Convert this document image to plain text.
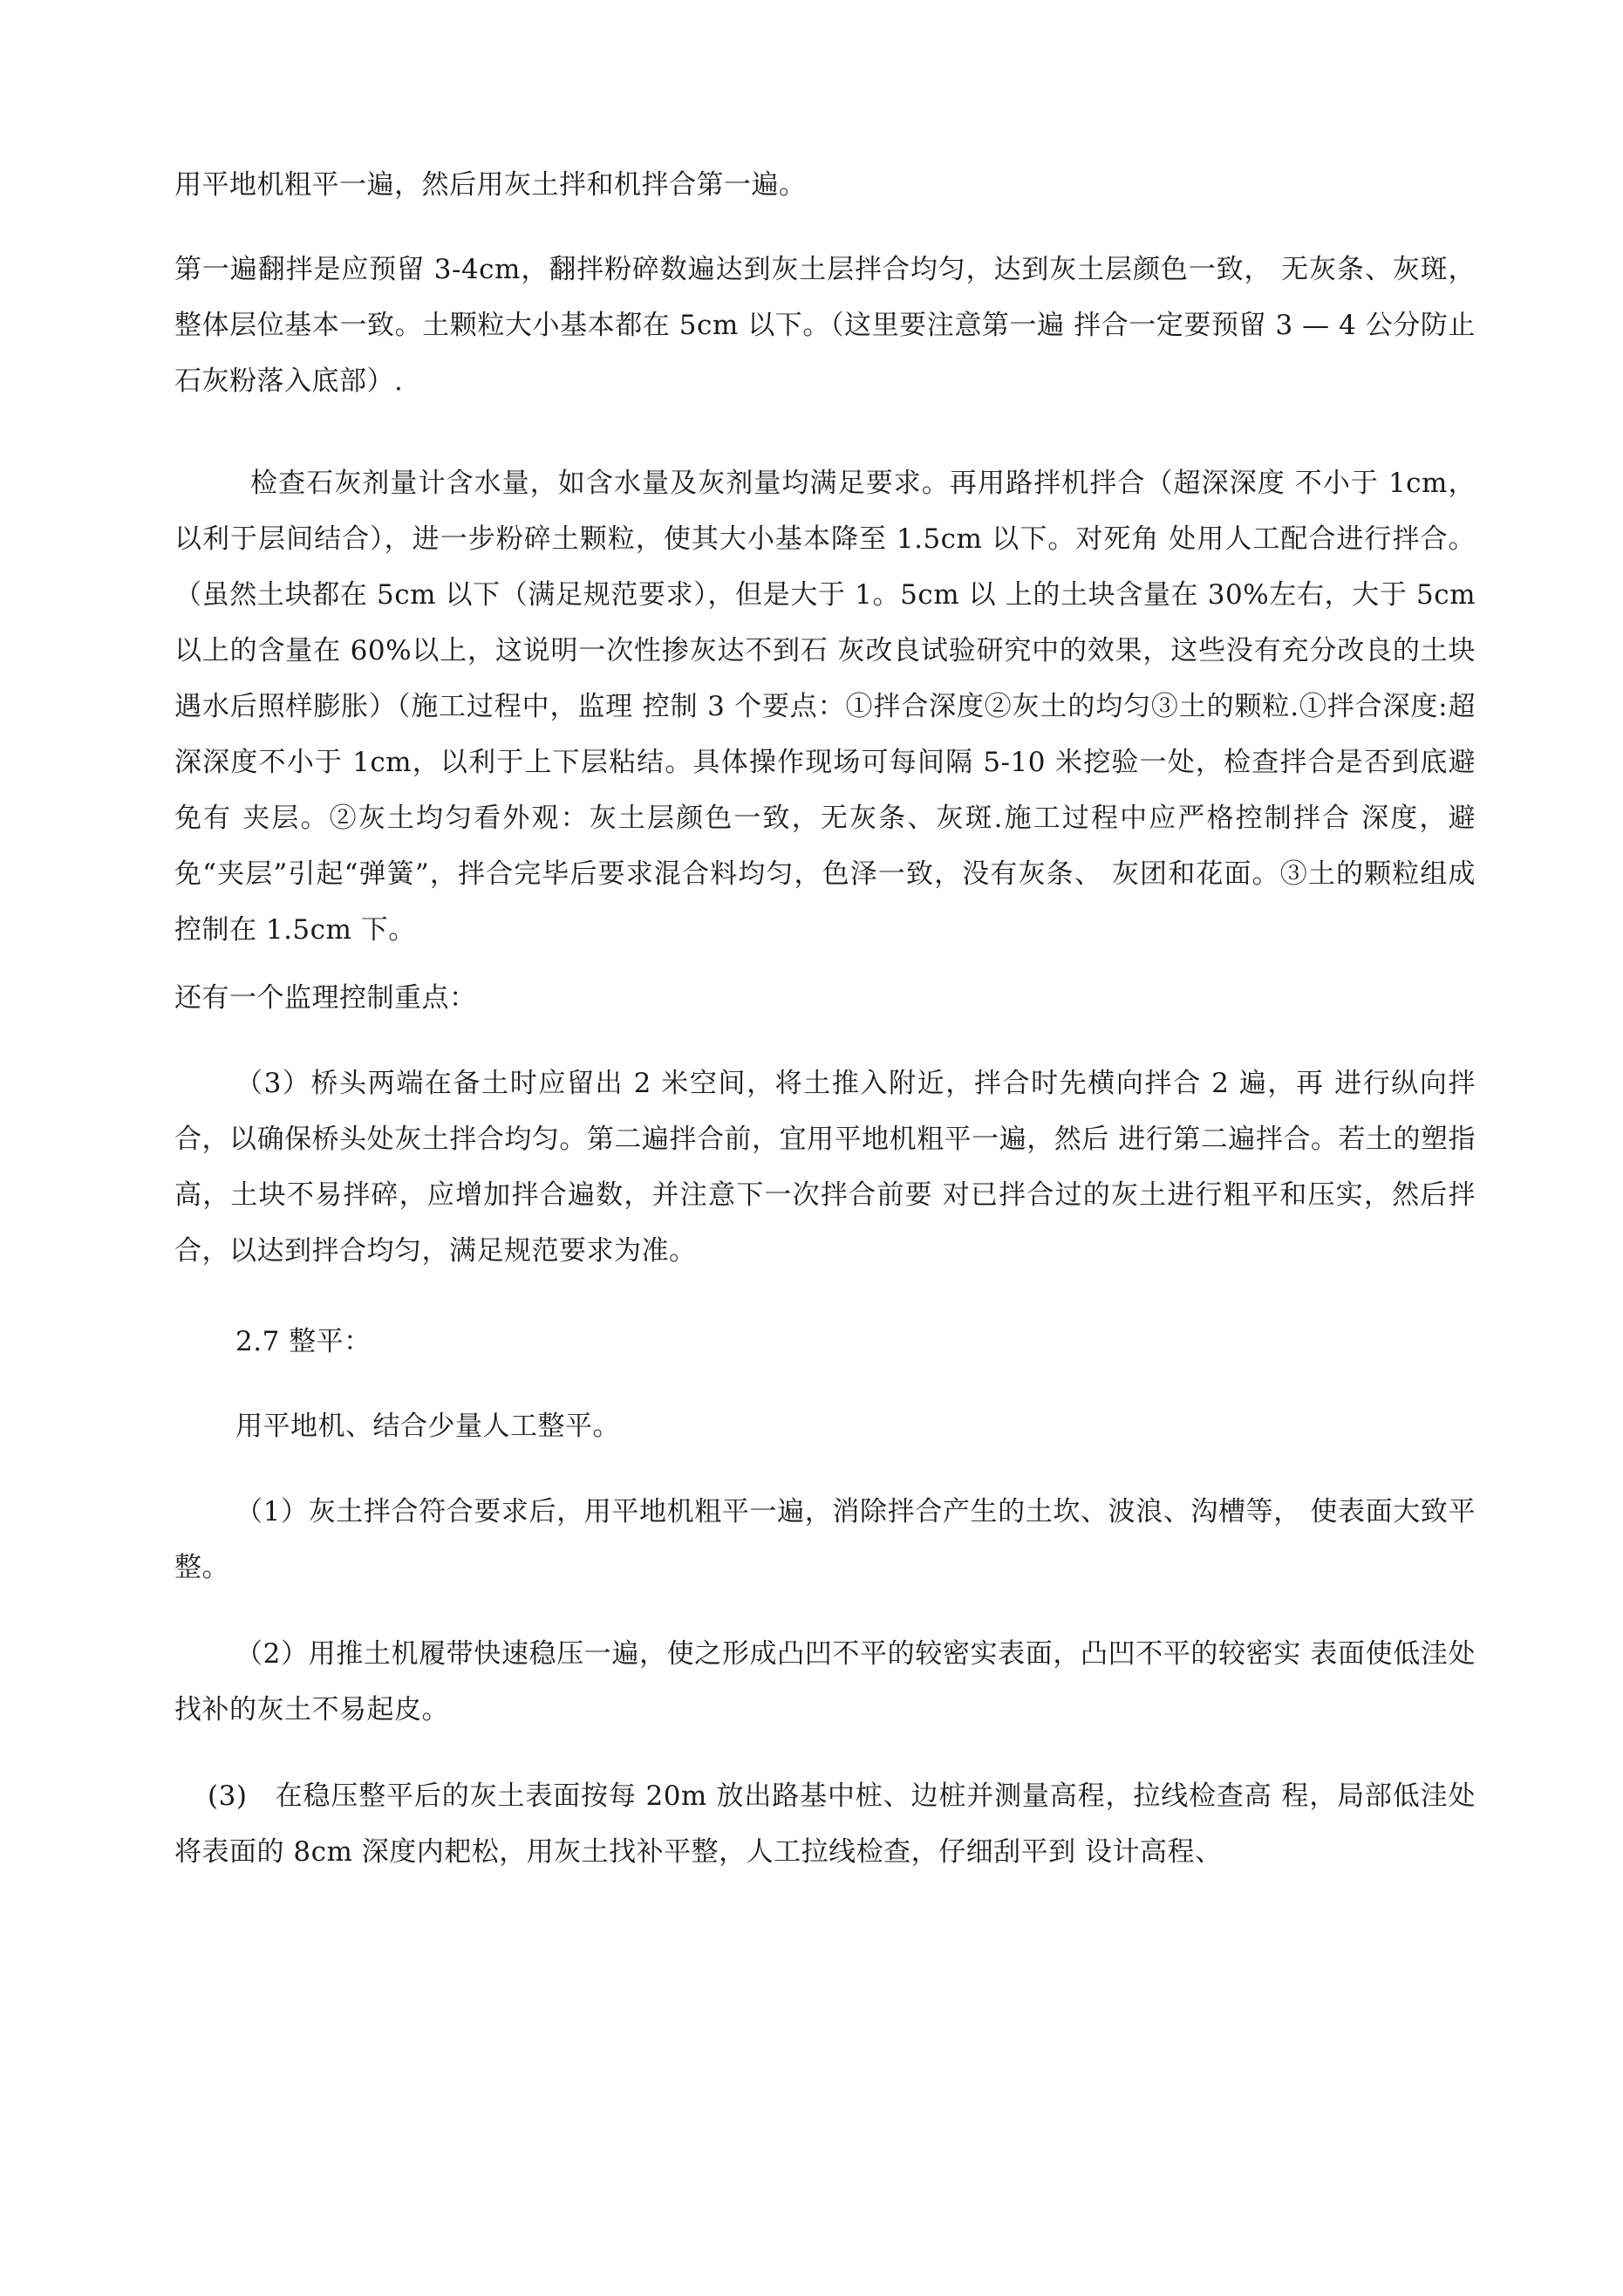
用平地机粗平一遍，然后用灰土拌和机拌合第一遍。

第一遍翻拌是应预留 3-4cm，翻拌粉碎数遍达到灰土层拌合均匀，达到灰土层颜色一致， 无灰条、灰斑，整体层位基本一致。土颗粒大小基本都在 5cm 以下。（这里要注意第一遍 拌合一定要预留 3 — 4 公分防止石灰粉落入底部）.

检查石灰剂量计含水量，如含水量及灰剂量均满足要求。再用路拌机拌合（超深深度 不小于 1cm，以利于层间结合），进一步粉碎土颗粒，使其大小基本降至 1.5cm 以下。对死角 处用人工配合进行拌合。（虽然土块都在 5cm 以下（满足规范要求），但是大于 1。5cm 以 上的土块含量在 30%左右，大于 5cm 以上的含量在 60%以上，这说明一次性掺灰达不到石 灰改良试验研究中的效果，这些没有充分改良的土块遇水后照样膨胀）（施工过程中，监理 控制 3 个要点：①拌合深度②灰土的均匀③土的颗粒.①拌合深度:超深深度不小于 1cm，以利于上下层粘结。具体操作现场可每间隔 5-10 米挖验一处，检查拌合是否到底避免有 夹层。②灰土均匀看外观：灰土层颜色一致，无灰条、灰斑.施工过程中应严格控制拌合 深度，避免“夹层”引起“弹簧”，拌合完毕后要求混合料均匀，色泽一致，没有灰条、 灰团和花面。③土的颗粒组成控制在 1.5cm 下。

还有一个监理控制重点：

（3）桥头两端在备土时应留出 2 米空间，将土推入附近，拌合时先横向拌合 2 遍，再 进行纵向拌合，以确保桥头处灰土拌合均匀。第二遍拌合前，宜用平地机粗平一遍，然后 进行第二遍拌合。若土的塑指高，土块不易拌碎，应增加拌合遍数，并注意下一次拌合前要 对已拌合过的灰土进行粗平和压实，然后拌合，以达到拌合均匀，满足规范要求为准。

2.7 整平：

用平地机、结合少量人工整平。

（1）灰土拌合符合要求后，用平地机粗平一遍，消除拌合产生的土坎、波浪、沟槽等， 使表面大致平整。

（2）用推土机履带快速稳压一遍，使之形成凸凹不平的较密实表面，凸凹不平的较密实 表面使低洼处找补的灰土不易起皮。

(3)　在稳压整平后的灰土表面按每 20m 放出路基中桩、边桩并测量高程，拉线检查高 程，局部低洼处将表面的 8cm 深度内耙松，用灰土找补平整，人工拉线检查，仔细刮平到 设计高程、
